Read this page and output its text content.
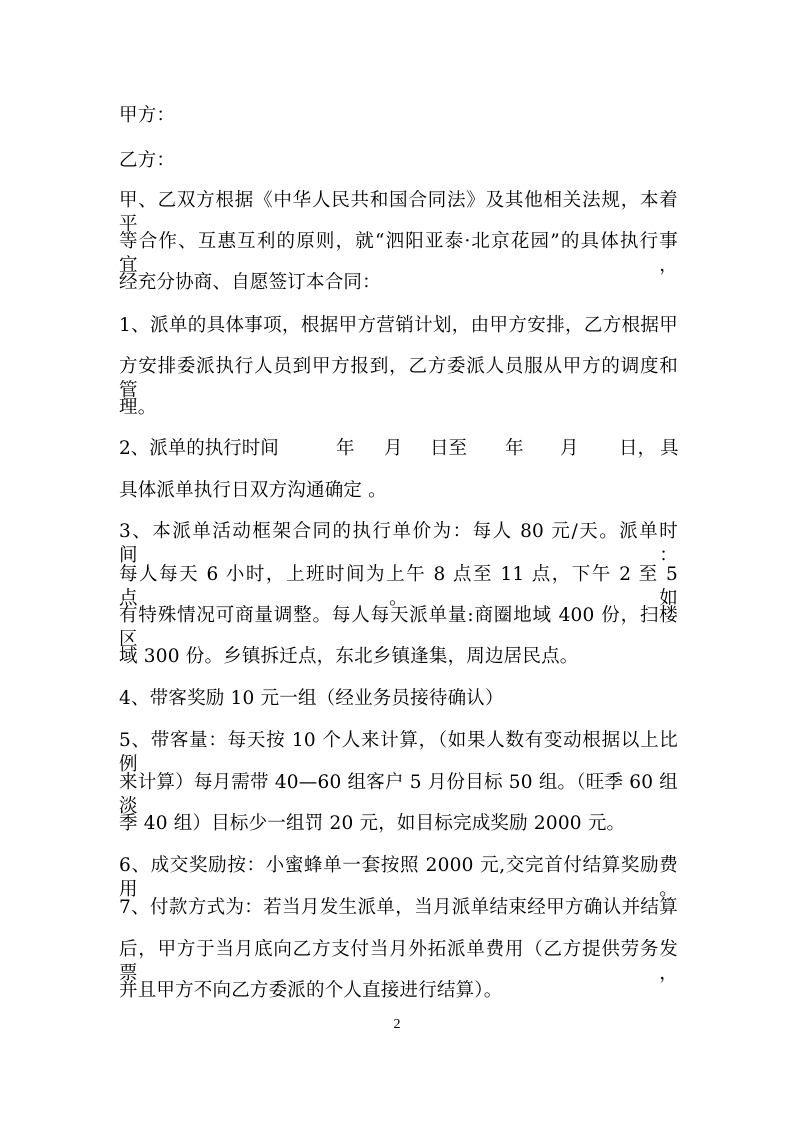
甲方：
乙方：
甲、乙双方根据《中华人民共和国合同法》及其他相关法规，本着平
等合作、互惠互利的原则，就“泗阳亚泰·北京花园”的具体执行事宜，
经充分协商、自愿签订本合同：
1、派单的具体事项，根据甲方营销计划，由甲方安排，乙方根据甲
方安排委派执行人员到甲方报到，乙方委派人员服从甲方的调度和管
理。
2、派单的执行时间	年 月 日至 年 月 日， 具
具体派单执行日双方沟通确定 。
3、本派单活动框架合同的执行单价为：每人 80 元/天。派单时间：
每人每天 6 小时，上班时间为上午 8 点至 11 点，下午 2 至 5 点。如
有特殊情况可商量调整。每人每天派单量:商圈地域 400 份，扫楼区
域 300 份。乡镇拆迁点，东北乡镇逢集，周边居民点。
4、带客奖励 10 元一组（经业务员接待确认）
5、带客量：每天按 10 个人来计算，（如果人数有变动根据以上比例
来计算）每月需带 40—60 组客户 5 月份目标 50 组。（旺季 60 组淡
季 40 组）目标少一组罚 20 元，如目标完成奖励 2000 元。
6、成交奖励按：小蜜蜂单一套按照 2000 元,交完首付结算奖励费用。
7、付款方式为：若当月发生派单，当月派单结束经甲方确认并结算
后，甲方于当月底向乙方支付当月外拓派单费用（乙方提供劳务发票，
并且甲方不向乙方委派的个人直接进行结算）。
2
